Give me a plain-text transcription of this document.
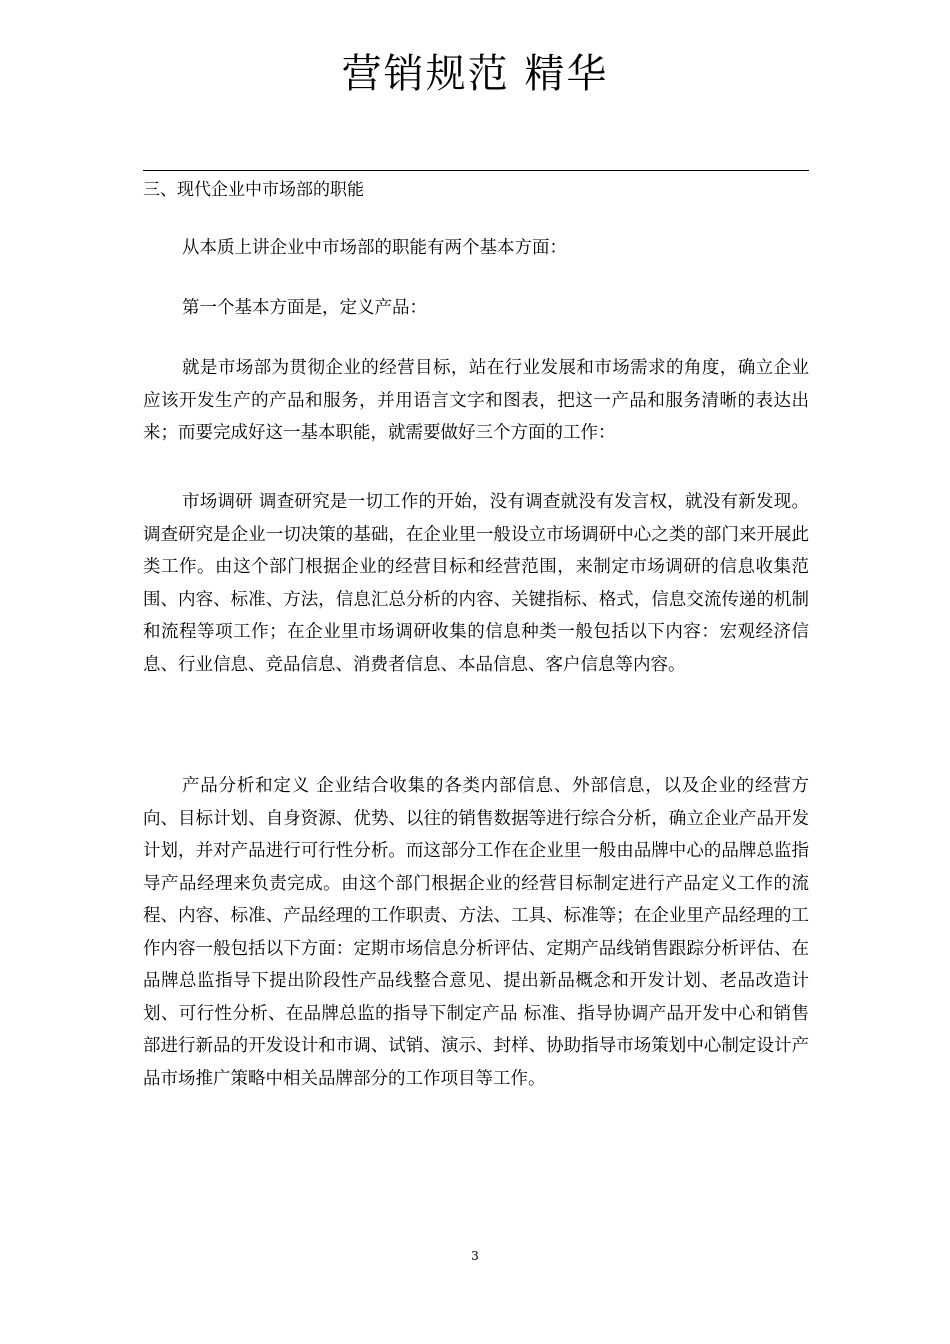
营销规范 精华
三、现代企业中市场部的职能

从本质上讲企业中市场部的职能有两个基本方面：

第一个基本方面是，定义产品：

就是市场部为贯彻企业的经营目标，站在行业发展和市场需求的角度，确立企业应该开发生产的产品和服务，并用语言文字和图表，把这一产品和服务清晰的表达出来；而要完成好这一基本职能，就需要做好三个方面的工作：

市场调研 调查研究是一切工作的开始，没有调查就没有发言权，就没有新发现。调查研究是企业一切决策的基础，在企业里一般设立市场调研中心之类的部门来开展此类工作。由这个部门根据企业的经营目标和经营范围，来制定市场调研的信息收集范围、内容、标准、方法，信息汇总分析的内容、关键指标、格式，信息交流传递的机制和流程等项工作；在企业里市场调研收集的信息种类一般包括以下内容：宏观经济信息、行业信息、竞品信息、消费者信息、本品信息、客户信息等内容。

产品分析和定义 企业结合收集的各类内部信息、外部信息，以及企业的经营方向、目标计划、自身资源、优势、以往的销售数据等进行综合分析，确立企业产品开发计划，并对产品进行可行性分析。而这部分工作在企业里一般由品牌中心的品牌总监指导产品经理来负责完成。由这个部门根据企业的经营目标制定进行产品定义工作的流程、内容、标准、产品经理的工作职责、方法、工具、标准等；在企业里产品经理的工作内容一般包括以下方面：定期市场信息分析评估、定期产品线销售跟踪分析评估、在品牌总监指导下提出阶段性产品线整合意见、提出新品概念和开发计划、老品改造计划、可行性分析、在品牌总监的指导下制定产品 标准、指导协调产品开发中心和销售部进行新品的开发设计和市调、试销、演示、封样、协助指导市场策划中心制定设计产品市场推广策略中相关品牌部分的工作项目等工作。

3
